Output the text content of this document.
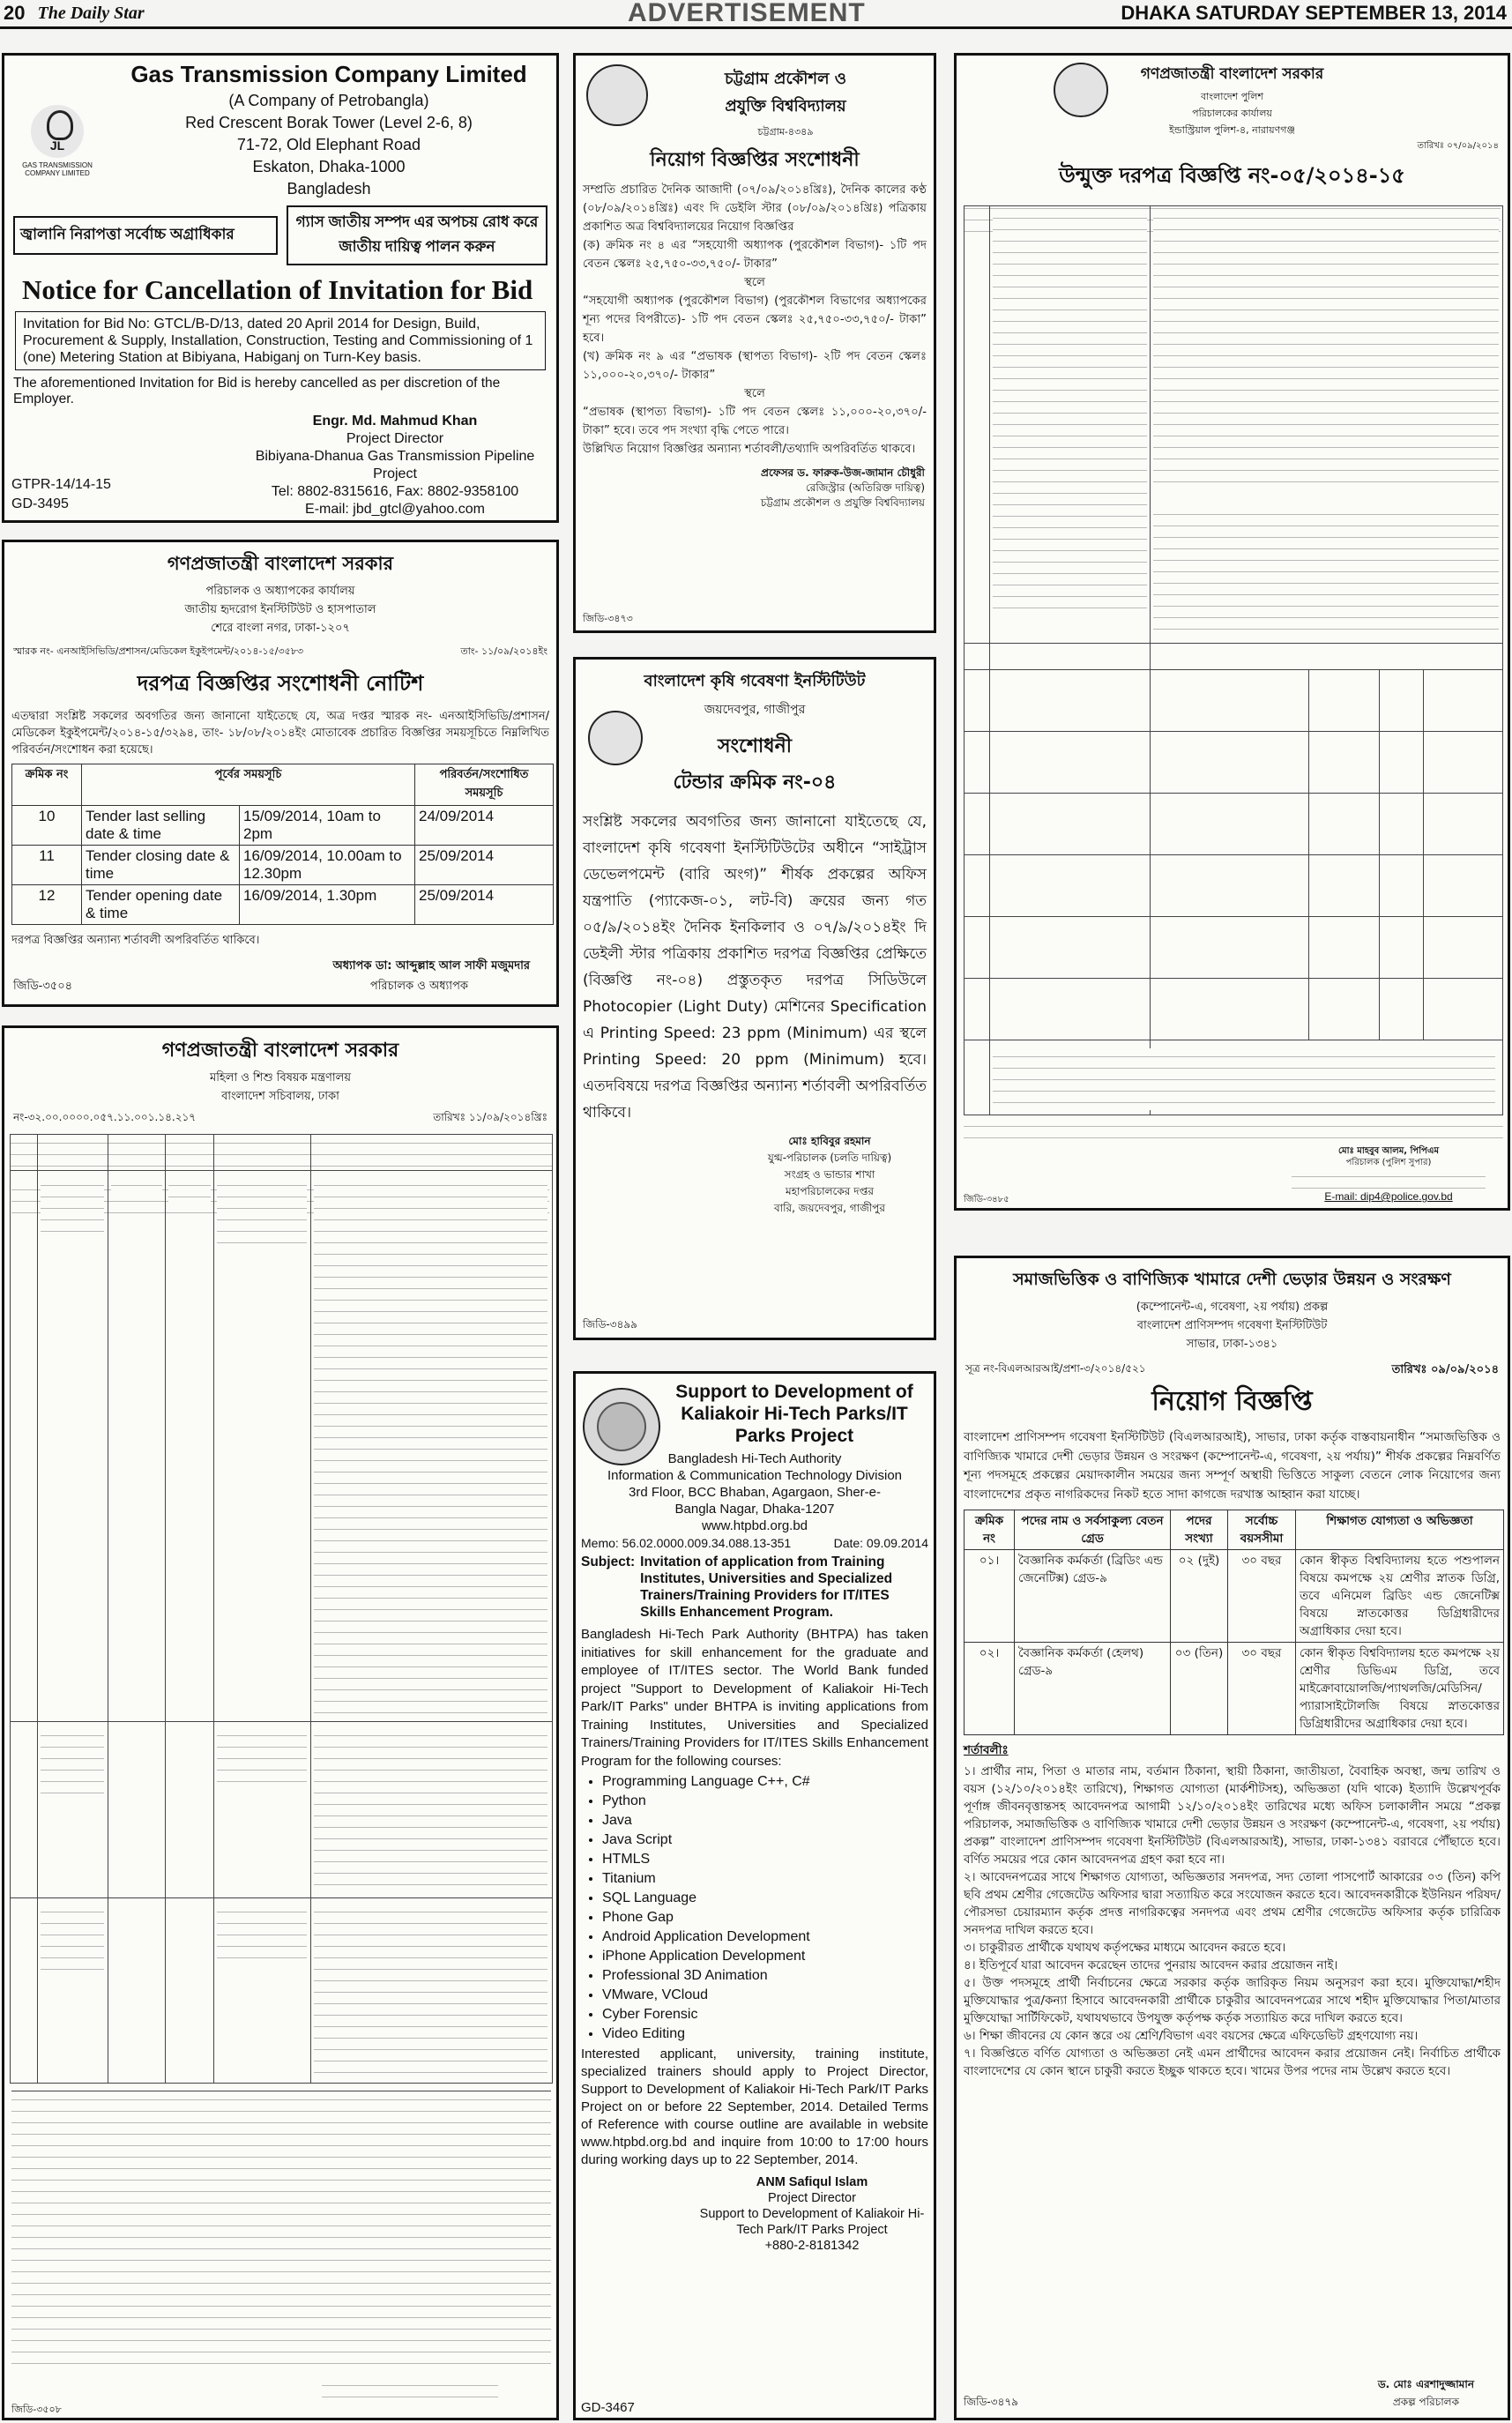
20 The Daily Star	ADVERTISEMENT	DHAKA SATURDAY SEPTEMBER 13, 2014
JL
GAS TRANSMISSION COMPANY LIMITED
Gas Transmission Company Limited
(A Company of Petrobangla)
Red Crescent Borak Tower (Level 2-6, 8)
71-72, Old Elephant Road
Eskaton, Dhaka-1000
Bangladesh
জ্বালানি নিরাপত্তা সর্বোচ্চ অগ্রাধিকার
গ্যাস জাতীয় সম্পদ এর অপচয় রোধ করে জাতীয় দায়িত্ব পালন করুন
Notice for Cancellation of Invitation for Bid
Invitation for Bid No: GTCL/B-D/13, dated 20 April 2014 for Design, Build, Procurement & Supply, Installation, Construction, Testing and Commissioning of 1 (one) Metering Station at Bibiyana, Habiganj on Turn-Key basis.
The aforementioned Invitation for Bid is hereby cancelled as per discretion of the Employer.
Engr. Md. Mahmud Khan
Project Director
Bibiyana-Dhanua Gas Transmission Pipeline Project
Tel: 8802-8315616, Fax: 8802-9358100
E-mail: jbd_gtcl@yahoo.com
GTPR-14/14-15
GD-3495
গণপ্রজাতন্ত্রী বাংলাদেশ সরকার
পরিচালক ও অধ্যাপকের কার্যালয়
জাতীয় হৃদরোগ ইনস্টিটিউট ও হাসপাতাল
শেরে বাংলা নগর, ঢাকা-১২০৭
স্মারক নং- এনআইসিভিডি/প্রশাসন/মেডিকেল ইকুইপমেন্ট/২০১৪-১৫/৩৫৮৩	তাং- ১১/০৯/২০১৪ইং
দরপত্র বিজ্ঞপ্তির সংশোধনী নোটিশ
এতদ্বারা সংশ্লিষ্ট সকলের অবগতির জন্য জানানো যাইতেছে যে, অত্র দপ্তর স্মারক নং- এনআইসিভিডি/প্রশাসন/মেডিকেল ইকুইপমেন্ট/২০১৪-১৫/৩২৯৪, তাং- ১৮/০৮/২০১৪ইং মোতাবেক প্রচারিত বিজ্ঞপ্তির সময়সূচিতে নিম্নলিখিত পরিবর্তন/সংশোধন করা হয়েছে।
ক্রমিক নং	পূর্বের সময়সূচি		পরিবর্তন/সংশোধিত সময়সূচি
10	Tender last selling date & time	15/09/2014, 10am to 2pm	24/09/2014
11	Tender closing date & time	16/09/2014, 10.00am to 12.30pm	25/09/2014
12	Tender opening date & time	16/09/2014, 1.30pm	25/09/2014
দরপত্র বিজ্ঞপ্তির অন্যান্য শর্তাবলী অপরিবর্তিত থাকিবে।
অধ্যাপক ডা: আব্দুল্লাহ আল সাফী মজুমদার
জিডি-৩৫০৪	পরিচালক ও অধ্যাপক
গণপ্রজাতন্ত্রী বাংলাদেশ সরকার
মহিলা ও শিশু বিষয়ক মন্ত্রণালয়
বাংলাদেশ সচিবালয়, ঢাকা
নং-৩২.০০.০০০০.০৫৭.১১.০০১.১৪.২১৭	তারিখঃ ১১/০৯/২০১৪খ্রিঃ
জিডি-৩৫০৮
চট্টগ্রাম প্রকৌশল ও
প্রযুক্তি বিশ্ববিদ্যালয়
চট্টগ্রাম-৪৩৪৯
নিয়োগ বিজ্ঞপ্তির সংশোধনী
সম্প্রতি প্রচারিত দৈনিক আজাদী (০৭/০৯/২০১৪খ্রিঃ), দৈনিক কালের কণ্ঠ (০৮/০৯/২০১৪খ্রিঃ) এবং দি ডেইলি স্টার (০৮/০৯/২০১৪খ্রিঃ) পত্রিকায় প্রকাশিত অত্র বিশ্ববিদ্যালয়ের নিয়োগ বিজ্ঞপ্তির
(ক) ক্রমিক নং ৪ এর “সহযোগী অধ্যাপক (পুরকৌশল বিভাগ)- ১টি পদ বেতন স্কেলঃ ২৫,৭৫০-৩৩,৭৫০/- টাকার”
স্থলে
“সহযোগী অধ্যাপক (পুরকৌশল বিভাগ) (পুরকৌশল বিভাগের অধ্যাপকের শূন্য পদের বিপরীতে)- ১টি পদ বেতন স্কেলঃ ২৫,৭৫০-৩৩,৭৫০/- টাকা” হবে।
(খ) ক্রমিক নং ৯ এর “প্রভাষক (স্থাপত্য বিভাগ)- ২টি পদ বেতন স্কেলঃ ১১,০০০-২০,৩৭০/- টাকার”
স্থলে
“প্রভাষক (স্থাপত্য বিভাগ)- ১টি পদ বেতন স্কেলঃ ১১,০০০-২০,৩৭০/- টাকা” হবে। তবে পদ সংখ্যা বৃদ্ধি পেতে পারে।
উল্লিখিত নিয়োগ বিজ্ঞপ্তির অন্যান্য শর্তাবলী/তথ্যাদি অপরিবর্তিত থাকবে।
প্রফেসর ড. ফারুক-উজ-জামান চৌধুরী
রেজিস্ট্রার (অতিরিক্ত দায়িত্ব)
চট্টগ্রাম প্রকৌশল ও প্রযুক্তি বিশ্ববিদ্যালয়
জিডি-৩৪৭৩
বাংলাদেশ কৃষি গবেষণা ইনস্টিটিউট
জয়দেবপুর, গাজীপুর
সংশোধনী
টেন্ডার ক্রমিক নং-০৪
সংশ্লিষ্ট সকলের অবগতির জন্য জানানো যাইতেছে যে, বাংলাদেশ কৃষি গবেষণা ইনস্টিটিউটের অধীনে “সাইট্রাস ডেভেলপমেন্ট (বারি অংগ)” শীর্ষক প্রকল্পের অফিস যন্ত্রপাতি (প্যাকেজ-০১, লট-বি) ক্রয়ের জন্য গত ০৫/৯/২০১৪ইং দৈনিক ইনকিলাব ও ০৭/৯/২০১৪ইং দি ডেইলী স্টার পত্রিকায় প্রকাশিত দরপত্র বিজ্ঞপ্তির প্রেক্ষিতে (বিজ্ঞপ্তি নং-০৪) প্রস্তুতকৃত দরপত্র সিডিউলে Photocopier (Light Duty) মেশিনের Specification এ Printing Speed: 23 ppm (Minimum) এর স্থলে Printing Speed: 20 ppm (Minimum) হবে। এতদবিষয়ে দরপত্র বিজ্ঞপ্তির অন্যান্য শর্তাবলী অপরিবর্তিত থাকিবে।
মোঃ হাবিবুর রহমান
যুগ্ম-পরিচালক (চলতি দায়িত্ব)
সংগ্রহ ও ভান্ডার শাখা
মহাপরিচালকের দপ্তর
বারি, জয়দেবপুর, গাজীপুর
জিডি-৩৪৯৯
Support to Development of Kaliakoir Hi-Tech Parks/IT Parks Project
Bangladesh Hi-Tech Authority
Information & Communication Technology Division
3rd Floor, BCC Bhaban, Agargaon, Sher-e-Bangla Nagar, Dhaka-1207
www.htpbd.org.bd
Memo: 56.02.0000.009.34.088.13-351	Date: 09.09.2014
Subject: Invitation of application from Training Institutes, Universities and Specialized Trainers/Training Providers for IT/ITES Skills Enhancement Program.
Bangladesh Hi-Tech Park Authority (BHTPA) has taken initiatives for skill enhancement for the graduate and employee of IT/ITES sector. The World Bank funded project "Support to Development of Kaliakoir Hi-Tech Park/IT Parks" under BHTPA is inviting applications from Training Institutes, Universities and Specialized Trainers/Training Providers for IT/ITES Skills Enhancement Program for the following courses:
• Programming Language C++, C#
• Python
• Java
• Java Script
• HTMLS
• Titanium
• SQL Language
• Phone Gap
• Android Application Development
• iPhone Application Development
• Professional 3D Animation
• VMware, VCloud
• Cyber Forensic
• Video Editing
Interested applicant, university, training institute, specialized trainers should apply to Project Director, Support to Development of Kaliakoir Hi-Tech Park/IT Parks Project on or before 22 September, 2014. Detailed Terms of Reference with course outline are available in website www.htpbd.org.bd and inquire from 10:00 to 17:00 hours during working days up to 22 September, 2014.
ANM Safiqul Islam
Project Director
Support to Development of Kaliakoir Hi-Tech Park/IT Parks Project
+880-2-8181342
GD-3467
গণপ্রজাতন্ত্রী বাংলাদেশ সরকার
বাংলাদেশ পুলিশ
পরিচালকের কার্যালয়
ইন্ডাস্ট্রিয়াল পুলিশ-৪, নারায়ণগঞ্জ
তারিখঃ ০৭/০৯/২০১৪
উন্মুক্ত দরপত্র বিজ্ঞপ্তি নং-০৫/২০১৪-১৫
মোঃ মাহবুব আলম, পিপিএম
পরিচালক (পুলিশ সুপার)
E-mail: dip4@police.gov.bd
জিডি-৩৪৮৫
সমাজভিত্তিক ও বাণিজ্যিক খামারে দেশী ভেড়ার উন্নয়ন ও সংরক্ষণ
(কম্পোনেন্ট-এ, গবেষণা, ২য় পর্যায়) প্রকল্প
বাংলাদেশ প্রাণিসম্পদ গবেষণা ইনস্টিটিউট
সাভার, ঢাকা-১৩৪১
সূত্র নং-বিএলআরআই/প্রশা-৩/২০১৪/৫২১	তারিখঃ ০৯/০৯/২০১৪
নিয়োগ বিজ্ঞপ্তি
বাংলাদেশ প্রাণিসম্পদ গবেষণা ইনস্টিটিউট (বিএলআরআই), সাভার, ঢাকা কর্তৃক বাস্তবায়নাধীন “সমাজভিত্তিক ও বাণিজ্যিক খামারে দেশী ভেড়ার উন্নয়ন ও সংরক্ষণ (কম্পোনেন্ট-এ, গবেষণা, ২য় পর্যায়)” শীর্ষক প্রকল্পের নিম্নবর্ণিত শূন্য পদসমূহে প্রকল্পের মেয়াদকালীন সময়ের জন্য সম্পূর্ণ অস্থায়ী ভিত্তিতে সাকুল্য বেতনে লোক নিয়োগের জন্য বাংলাদেশের প্রকৃত নাগরিকদের নিকট হতে সাদা কাগজে দরখাস্ত আহ্বান করা যাচ্ছে।
ক্রমিক নং	পদের নাম ও সর্বসাকুল্য বেতন গ্রেড	পদের সংখ্যা	সর্বোচ্চ বয়সসীমা	শিক্ষাগত যোগ্যতা ও অভিজ্ঞতা
০১।	বৈজ্ঞানিক কর্মকর্তা (ব্রিডিং এন্ড জেনেটিক্স) গ্রেড-৯	০২ (দুই)	৩০ বছর	কোন স্বীকৃত বিশ্ববিদ্যালয় হতে পশুপালন বিষয়ে কমপক্ষে ২য় শ্রেণীর স্নাতক ডিগ্রি, তবে এনিমেল ব্রিডিং এন্ড জেনেটিক্স বিষয়ে স্নাতকোত্তর ডিগ্রিধারীদের অগ্রাধিকার দেয়া হবে।
০২।	বৈজ্ঞানিক কর্মকর্তা (হেলথ) গ্রেড-৯	০৩ (তিন)	৩০ বছর	কোন স্বীকৃত বিশ্ববিদ্যালয় হতে কমপক্ষে ২য় শ্রেণীর ডিভিএম ডিগ্রি, তবে মাইক্রোবায়োলজি/প্যাথলজি/মেডিসিন/প্যারাসাইটোলজি বিষয়ে স্নাতকোত্তর ডিগ্রিধারীদের অগ্রাধিকার দেয়া হবে।
শর্তাবলীঃ
১। প্রার্থীর নাম, পিতা ও মাতার নাম, বর্তমান ঠিকানা, স্থায়ী ঠিকানা, জাতীয়তা, বৈবাহিক অবস্থা, জন্ম তারিখ ও বয়স (১২/১০/২০১৪ইং তারিখে), শিক্ষাগত যোগ্যতা (মার্কশীটসহ), অভিজ্ঞতা (যদি থাকে) ইত্যাদি উল্লেখপূর্বক পূর্ণাঙ্গ জীবনবৃত্তান্তসহ আবেদনপত্র আগামী ১২/১০/২০১৪ইং তারিখের মধ্যে অফিস চলাকালীন সময়ে “প্রকল্প পরিচালক, সমাজভিত্তিক ও বাণিজ্যিক খামারে দেশী ভেড়ার উন্নয়ন ও সংরক্ষণ (কম্পোনেন্ট-এ, গবেষণা, ২য় পর্যায়) প্রকল্প” বাংলাদেশ প্রাণিসম্পদ গবেষণা ইনস্টিটিউট (বিএলআরআই), সাভার, ঢাকা-১৩৪১ বরাবরে পৌঁছাতে হবে। বর্ণিত সময়ের পরে কোন আবেদনপত্র গ্রহণ করা হবে না।
২। আবেদনপত্রের সাথে শিক্ষাগত যোগ্যতা, অভিজ্ঞতার সনদপত্র, সদ্য তোলা পাসপোর্ট আকারের ০৩ (তিন) কপি ছবি প্রথম শ্রেণীর গেজেটেড অফিসার দ্বারা সত্যায়িত করে সংযোজন করতে হবে। আবেদনকারীকে ইউনিয়ন পরিষদ/পৌরসভা চেয়ারম্যান কর্তৃক প্রদত্ত নাগরিকত্বের সনদপত্র এবং প্রথম শ্রেণীর গেজেটেড অফিসার কর্তৃক চারিত্রিক সনদপত্র দাখিল করতে হবে।
৩। চাকুরীরত প্রার্থীকে যথাযথ কর্তৃপক্ষের মাধ্যমে আবেদন করতে হবে।
৪। ইতিপূর্বে যারা আবেদন করেছেন তাদের পুনরায় আবেদন করার প্রয়োজন নাই।
৫। উক্ত পদসমূহে প্রার্থী নির্বাচনের ক্ষেত্রে সরকার কর্তৃক জারিকৃত নিয়ম অনুসরণ করা হবে। মুক্তিযোদ্ধা/শহীদ মুক্তিযোদ্ধার পুত্র/কন্যা হিসাবে আবেদনকারী প্রার্থীকে চাকুরীর আবেদনপত্রের সাথে শহীদ মুক্তিযোদ্ধার পিতা/মাতার মুক্তিযোদ্ধা সার্টিফিকেট, যথাযথভাবে উপযুক্ত কর্তৃপক্ষ কর্তৃক সত্যায়িত করে দাখিল করতে হবে।
৬। শিক্ষা জীবনের যে কোন স্তরে ৩য় শ্রেণি/বিভাগ এবং বয়সের ক্ষেত্রে এফিডেভিট গ্রহণযোগ্য নয়।
৭। বিজ্ঞপ্তিতে বর্ণিত যোগ্যতা ও অভিজ্ঞতা নেই এমন প্রার্থীদের আবেদন করার প্রয়োজন নেই। নির্বাচিত প্রার্থীকে বাংলাদেশের যে কোন স্থানে চাকুরী করতে ইচ্ছুক থাকতে হবে। খামের উপর পদের নাম উল্লেখ করতে হবে।
জিডি-৩৪৭৯
ড. মোঃ এরশাদুজ্জামান
প্রকল্প পরিচালক
